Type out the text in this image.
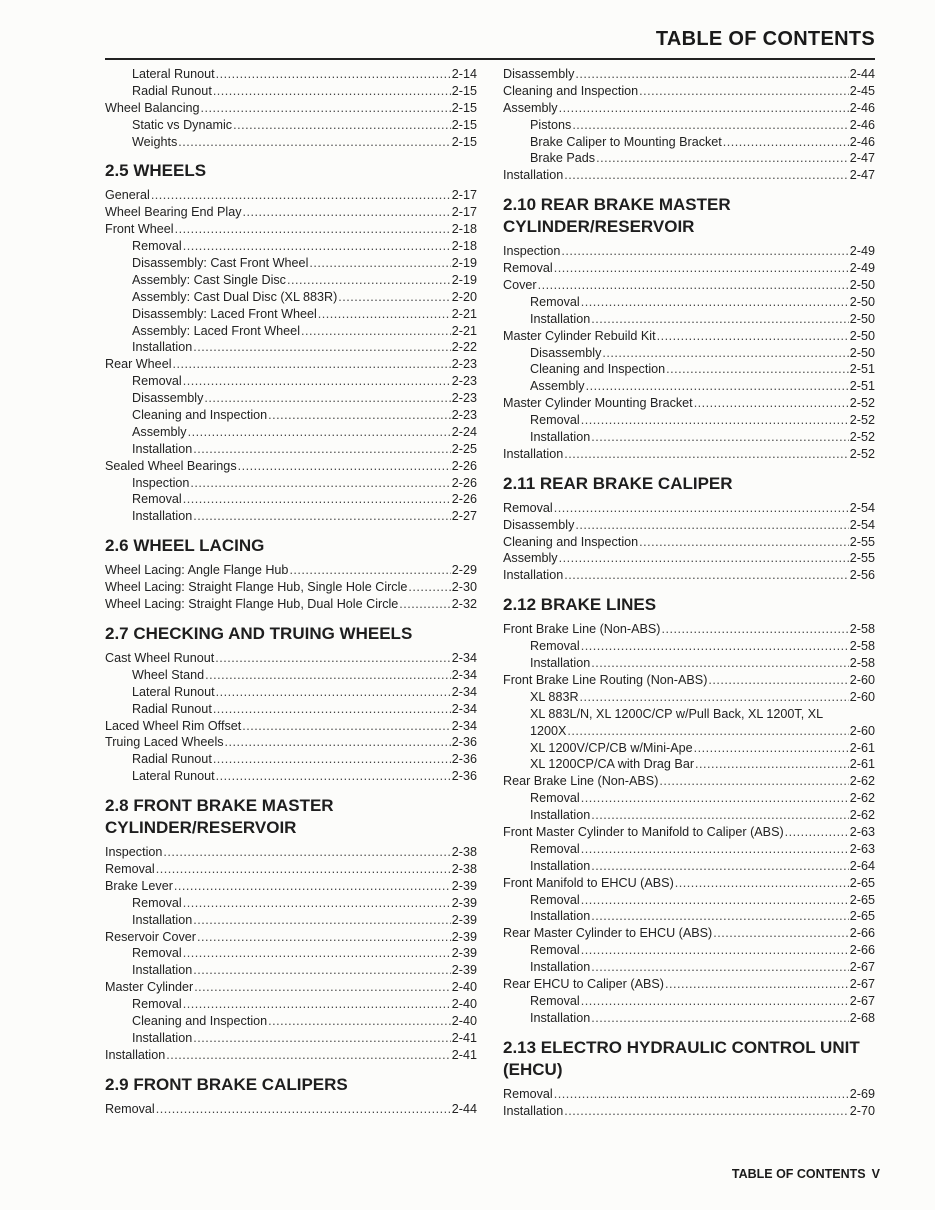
TABLE OF CONTENTS
Lateral Runout .....	2-14
Radial Runout .....	2-15
Wheel Balancing .....	2-15
Static vs Dynamic .....	2-15
Weights .....	2-15
2.5 WHEELS
General .....	2-17
Wheel Bearing End Play .....	2-17
Front Wheel .....	2-18
Removal .....	2-18
Disassembly: Cast Front Wheel .....	2-19
Assembly: Cast Single Disc .....	2-19
Assembly: Cast Dual Disc (XL 883R) .....	2-20
Disassembly: Laced Front Wheel .....	2-21
Assembly: Laced Front Wheel .....	2-21
Installation .....	2-22
Rear Wheel .....	2-23
Removal .....	2-23
Disassembly .....	2-23
Cleaning and Inspection .....	2-23
Assembly .....	2-24
Installation .....	2-25
Sealed Wheel Bearings .....	2-26
Inspection .....	2-26
Removal .....	2-26
Installation .....	2-27
2.6 WHEEL LACING
Wheel Lacing: Angle Flange Hub .....	2-29
Wheel Lacing: Straight Flange Hub, Single Hole Circle .....	2-30
Wheel Lacing: Straight Flange Hub, Dual Hole Circle .....	2-32
2.7 CHECKING AND TRUING WHEELS
Cast Wheel Runout .....	2-34
Wheel Stand .....	2-34
Lateral Runout .....	2-34
Radial Runout .....	2-34
Laced Wheel Rim Offset .....	2-34
Truing Laced Wheels .....	2-36
Radial Runout .....	2-36
Lateral Runout .....	2-36
2.8 FRONT BRAKE MASTER CYLINDER/RESERVOIR
Inspection .....	2-38
Removal .....	2-38
Brake Lever .....	2-39
Removal .....	2-39
Installation .....	2-39
Reservoir Cover .....	2-39
Removal .....	2-39
Installation .....	2-39
Master Cylinder .....	2-40
Removal .....	2-40
Cleaning and Inspection .....	2-40
Installation .....	2-41
Installation .....	2-41
2.9 FRONT BRAKE CALIPERS
Removal .....	2-44
Disassembly .....	2-44
Cleaning and Inspection .....	2-45
Assembly .....	2-46
Pistons .....	2-46
Brake Caliper to Mounting Bracket .....	2-46
Brake Pads .....	2-47
Installation .....	2-47
2.10 REAR BRAKE MASTER CYLINDER/RESERVOIR
Inspection .....	2-49
Removal .....	2-49
Cover .....	2-50
Removal .....	2-50
Installation .....	2-50
Master Cylinder Rebuild Kit .....	2-50
Disassembly .....	2-50
Cleaning and Inspection .....	2-51
Assembly .....	2-51
Master Cylinder Mounting Bracket .....	2-52
Removal .....	2-52
Installation .....	2-52
Installation .....	2-52
2.11 REAR BRAKE CALIPER
Removal .....	2-54
Disassembly .....	2-54
Cleaning and Inspection .....	2-55
Assembly .....	2-55
Installation .....	2-56
2.12 BRAKE LINES
Front Brake Line (Non-ABS) .....	2-58
Removal .....	2-58
Installation .....	2-58
Front Brake Line Routing (Non-ABS) .....	2-60
XL 883R .....	2-60
XL 883L/N, XL 1200C/CP w/Pull Back, XL 1200T, XL
1200X .....	2-60
XL 1200V/CP/CB w/Mini-Ape .....	2-61
XL 1200CP/CA with Drag Bar .....	2-61
Rear Brake Line (Non-ABS) .....	2-62
Removal .....	2-62
Installation .....	2-62
Front Master Cylinder to Manifold to Caliper (ABS) .....	2-63
Removal .....	2-63
Installation .....	2-64
Front Manifold to EHCU (ABS) .....	2-65
Removal .....	2-65
Installation .....	2-65
Rear Master Cylinder to EHCU (ABS) .....	2-66
Removal .....	2-66
Installation .....	2-67
Rear EHCU to Caliper (ABS) .....	2-67
Removal .....	2-67
Installation .....	2-68
2.13 ELECTRO HYDRAULIC CONTROL UNIT (EHCU)
Removal .....	2-69
Installation .....	2-70
TABLE OF CONTENTS V
